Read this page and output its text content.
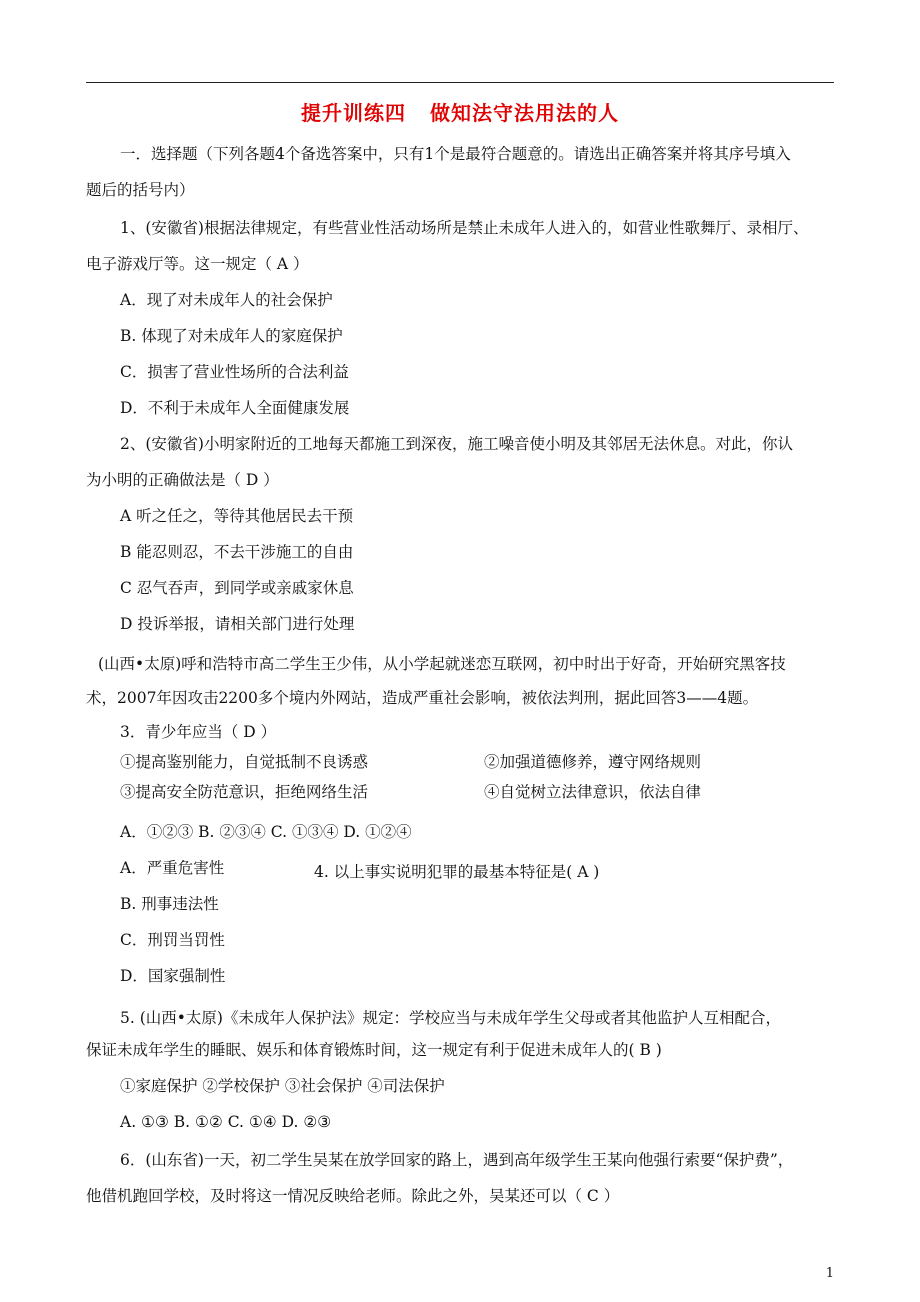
提升训练四 做知法守法用法的人
一．选择题（下列各题4个备选答案中，只有1个是最符合题意的。请选出正确答案并将其序号填入
题后的括号内）
1、(安徽省)根据法律规定，有些营业性活动场所是禁止未成年人进入的，如营业性歌舞厅、录相厅、
电子游戏厅等。这一规定（ A ）
A．现了对未成年人的社会保护
B. 体现了对未成年人的家庭保护
C．损害了营业性场所的合法利益
D．不利于未成年人全面健康发展
2、(安徽省)小明家附近的工地每天都施工到深夜，施工噪音使小明及其邻居无法休息。对此，你认
为小明的正确做法是（ D ）
A 听之任之，等待其他居民去干预
B 能忍则忍，不去干涉施工的自由
C 忍气吞声，到同学或亲戚家休息
D 投诉举报，请相关部门进行处理
(山西•太原)呼和浩特市高二学生王少伟，从小学起就迷恋互联网，初中时出于好奇，开始研究黑客技
术，2007年因攻击2200多个境内外网站，造成严重社会影响，被依法判刑，据此回答3——4题。
3．青少年应当（ D ）
①提高鉴别能力，自觉抵制不良诱惑	②加强道德修养，遵守网络规则
③提高安全防范意识，拒绝网络生活	④自觉树立法律意识，依法自律
A．①②③ B. ②③④ C. ①③④ D. ①②④
A．严重危害性	4. 以上事实说明犯罪的最基本特征是( A )
B. 刑事违法性
C．刑罚当罚性
D．国家强制性
5. (山西•太原)《未成年人保护法》规定：学校应当与未成年学生父母或者其他监护人互相配合，
保证未成年学生的睡眠、娱乐和体育锻炼时间，这一规定有利于促进未成年人的( B )
①家庭保护 ②学校保护 ③社会保护 ④司法保护
A. ①③ B. ①② C. ①④ D. ②③
6．(山东省)一天，初二学生吴某在放学回家的路上，遇到高年级学生王某向他强行索要“保护费”，
他借机跑回学校，及时将这一情况反映给老师。除此之外，吴某还可以（ C ）
1
